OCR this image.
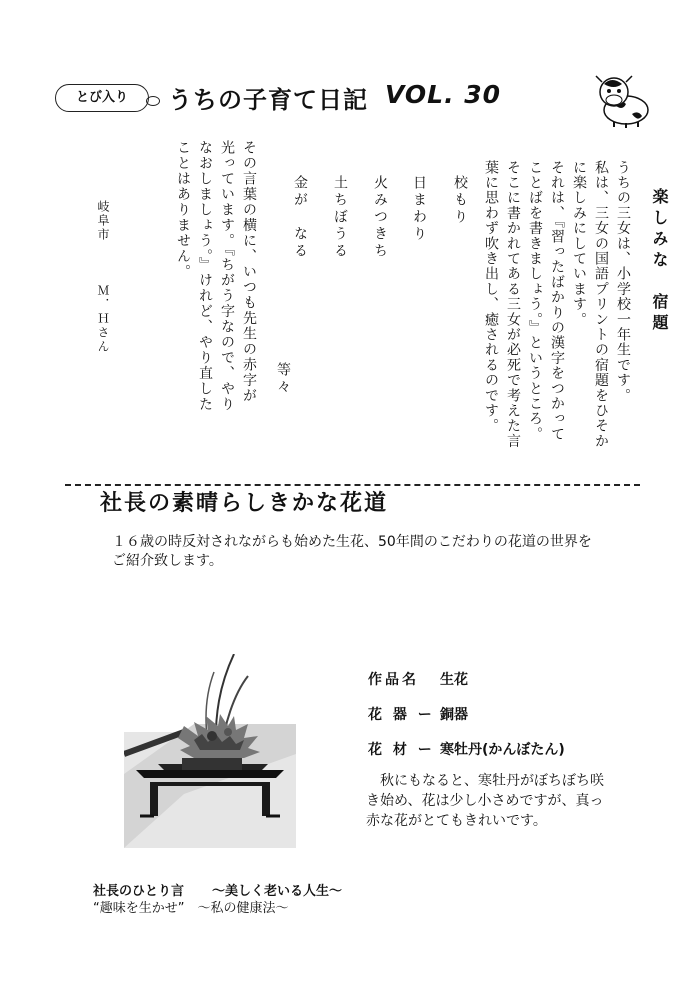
とび入り	うちの子育て日記 VOL. 30
楽しみな　宿題

うちの三女は、小学校一年生です。

私は、三女の国語プリントの宿題をひそかに楽しみにしています。

それは、『習ったばかりの漢字をつかってことばを書きましょう。』というところ。

そこに書かれてある三女が必死で考えた言葉に思わず吹き出し、癒されるのです。

校もり
日まわり
火みつきち
土ちぼうる
金が　なる
等々
その言葉の横に、いつも先生の赤字が光っています。『ちがう字なので、やりなおしましょう。』けれど、やり直したことはありません。
岐阜市
Ｍ．Ｈさん
社長の素晴らしきかな花道
１６歳の時反対されながらも始めた生花、50年間のこだわりの花道の世界をご紹介致します。
作品名 生花
花 器 ー 銅器
花 材 ー 寒牡丹(かんぼたん)
秋にもなると、寒牡丹がぼちぼち咲き始め、花は少し小さめですが、真っ赤な花がとてもきれいです。
社長のひとり言 ～美しく老いる人生～
“趣味を生かせ”　～私の健康法～
